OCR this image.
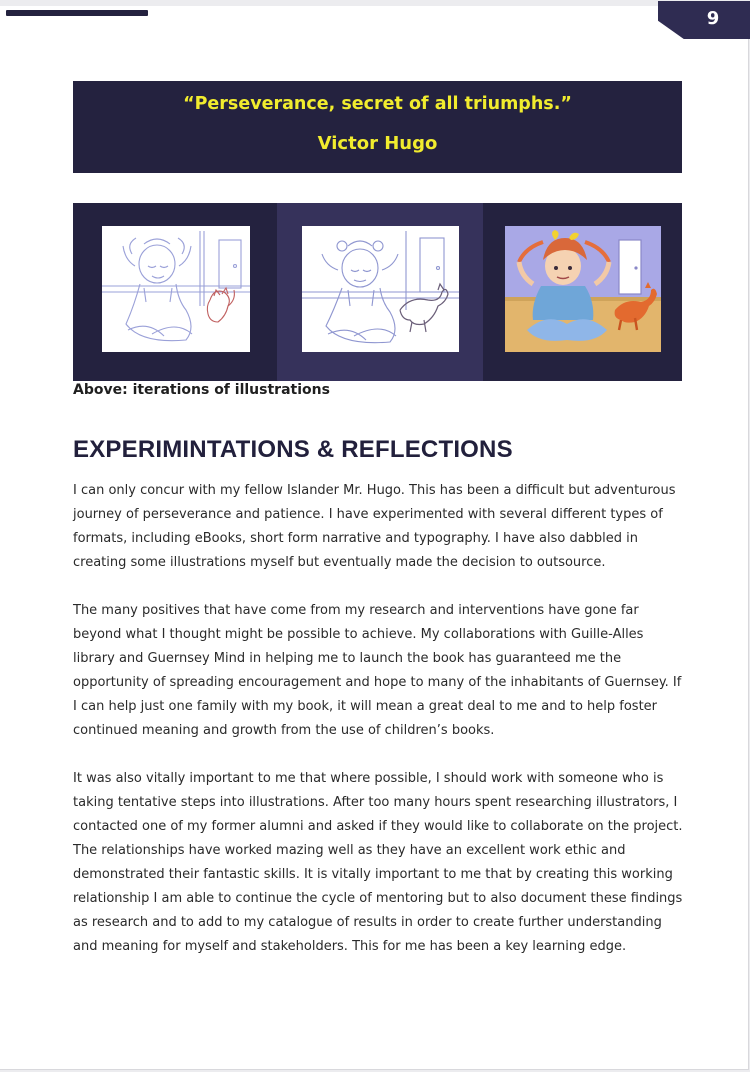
9
“Perseverance, secret of all triumphs.”
Victor Hugo
Above: iterations of illustrations
EXPERIMINTATIONS & REFLECTIONS

I can only concur with my fellow Islander Mr. Hugo. This has been a difficult but adventurous journey of perseverance and patience. I have experimented with several different types of formats, including eBooks, short form narrative and typography. I have also dabbled in creating some illustrations myself but eventually made the decision to outsource.

The many positives that have come from my research and interventions have gone far beyond what I thought might be possible to achieve. My collaborations with Guille-Alles library and Guernsey Mind in helping me to launch the book has guaranteed me the opportunity of spreading encouragement and hope to many of the inhabitants of Guernsey. If I can help just one family with my book, it will mean a great deal to me and to help foster continued meaning and growth from the use of children’s books.

It was also vitally important to me that where possible, I should work with someone who is taking tentative steps into illustrations. After too many hours spent researching illustrators, I contacted one of my former alumni and asked if they would like to collaborate on the project. The relationships have worked mazing well as they have an excellent work ethic and demonstrated their fantastic skills. It is vitally important to me that by creating this working relationship I am able to continue the cycle of mentoring but to also document these findings as research and to add to my catalogue of results in order to create further understanding and meaning for myself and stakeholders. This for me has been a key learning edge.
